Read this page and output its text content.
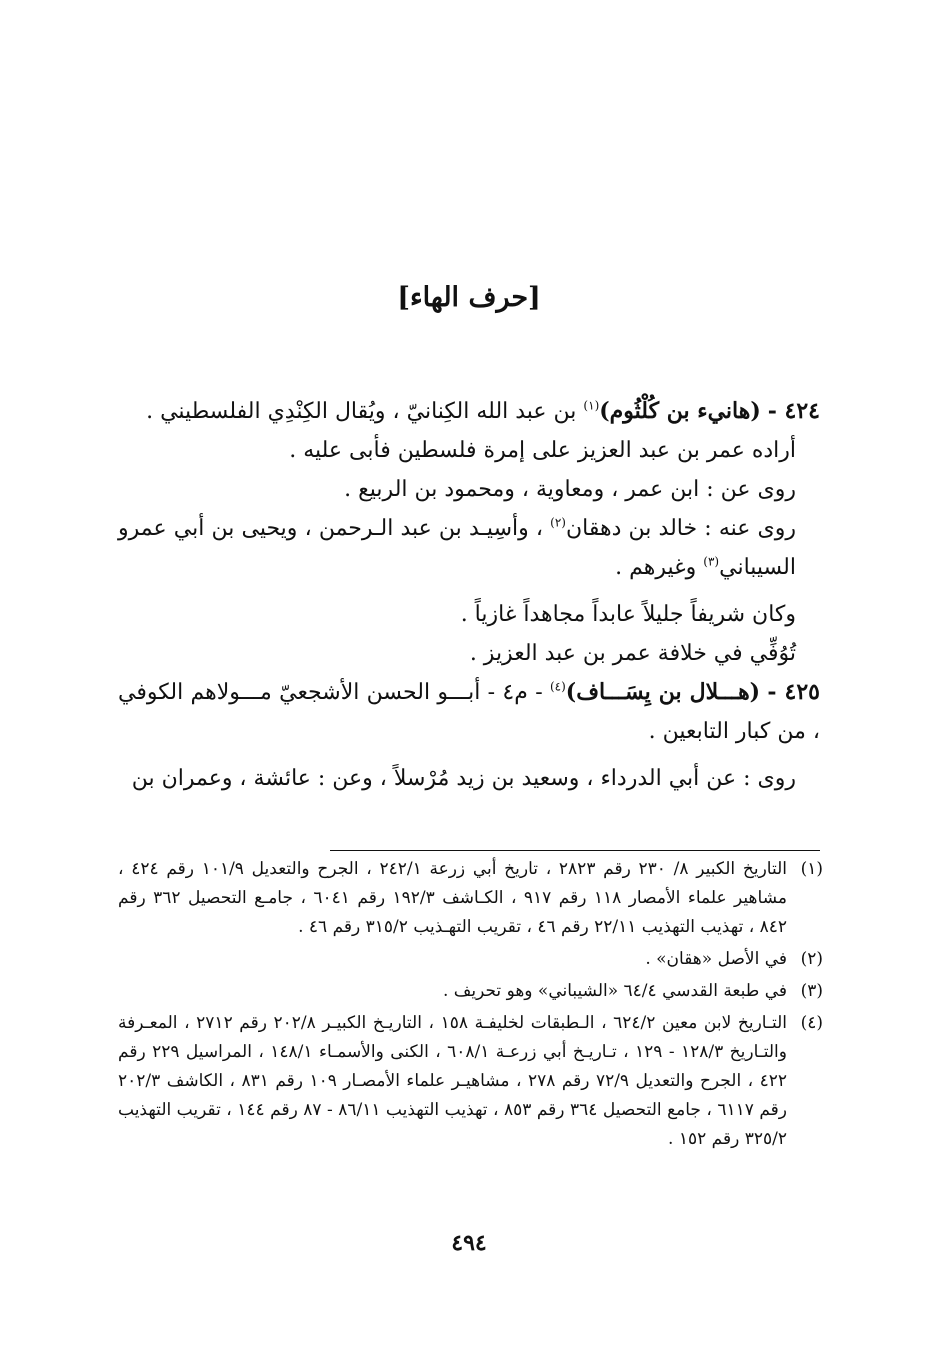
[حرف الهاء]
٤٢٤ - (هانيء بن كُلْثُوم)$^{(١)}$ بن عبد الله الكِنانيّ ، ويُقال الكِنْدِي الفلسطيني .
أراده عمر بن عبد العزيز على إمرة فلسطين فأبى عليه .
روى عن : ابن عمر ، ومعاوية ، ومحمود بن الربيع .
روى عنه : خالد بن دهقان$^{(٢)}$ ، وأسِيـد بن عبد الـرحمن ، ويحيى بن أبي عمرو السيباني$^{(٣)}$ وغيرهم .
وكان شريفاً جليلاً عابداً مجاهداً غازياً .
تُوُفِّي في خلافة عمر بن عبد العزيز .
٤٢٥ - (هـــلال بن يِسَـــاف)$^{(٤)}$ - م٤ - أبـــو الحسن الأشجعيّ مـــولاهم الكوفي ، من كبار التابعين .
روى : عن أبي الدرداء ، وسعيد بن زيد مُرْسلاً ، وعن : عائشة ، وعمران بن
(١)
التاريخ الكبير ٨/ ٢٣٠ رقم ٢٨٢٣ ، تاريخ أبي زرعة ٢٤٢/١ ، الجرح والتعديل ١٠١/٩ رقم ٤٢٤ ، مشاهير علماء الأمصار ١١٨ رقم ٩١٧ ، الكـاشف ١٩٢/٣ رقم ٦٠٤١ ، جامـع التحصيل ٣٦٢ رقم ٨٤٢ ، تهذيب التهذيب ٢٢/١١ رقم ٤٦ ، تقريب التهـذيب ٣١٥/٢ رقم ٤٦ .
(٢)
في الأصل «هقان» .
(٣)
في طبعة القدسي ٦٤/٤ «الشيباني» وهو تحريف .
(٤)
التـاريخ لابن معين ٦٢٤/٢ ، الـطبقات لخليفـة ١٥٨ ، التاريـخ الكبيـر ٢٠٢/٨ رقم ٢٧١٢ ، المعـرفة والتـاريخ ١٢٨/٣ - ١٢٩ ، تـاريـخ أبي زرعـة ٦٠٨/١ ، الكنى والأسمـاء ١٤٨/١ ، المراسيل ٢٢٩ رقم ٤٢٢ ، الجرح والتعديل ٧٢/٩ رقم ٢٧٨ ، مشاهيـر علماء الأمصـار ١٠٩ رقم ٨٣١ ، الكاشف ٢٠٢/٣ رقم ٦١١٧ ، جامع التحصيل ٣٦٤ رقم ٨٥٣ ، تهذيب التهذيب ٨٦/١١ - ٨٧ رقم ١٤٤ ، تقريب التهذيب ٣٢٥/٢ رقم ١٥٢ .
٤٩٤
